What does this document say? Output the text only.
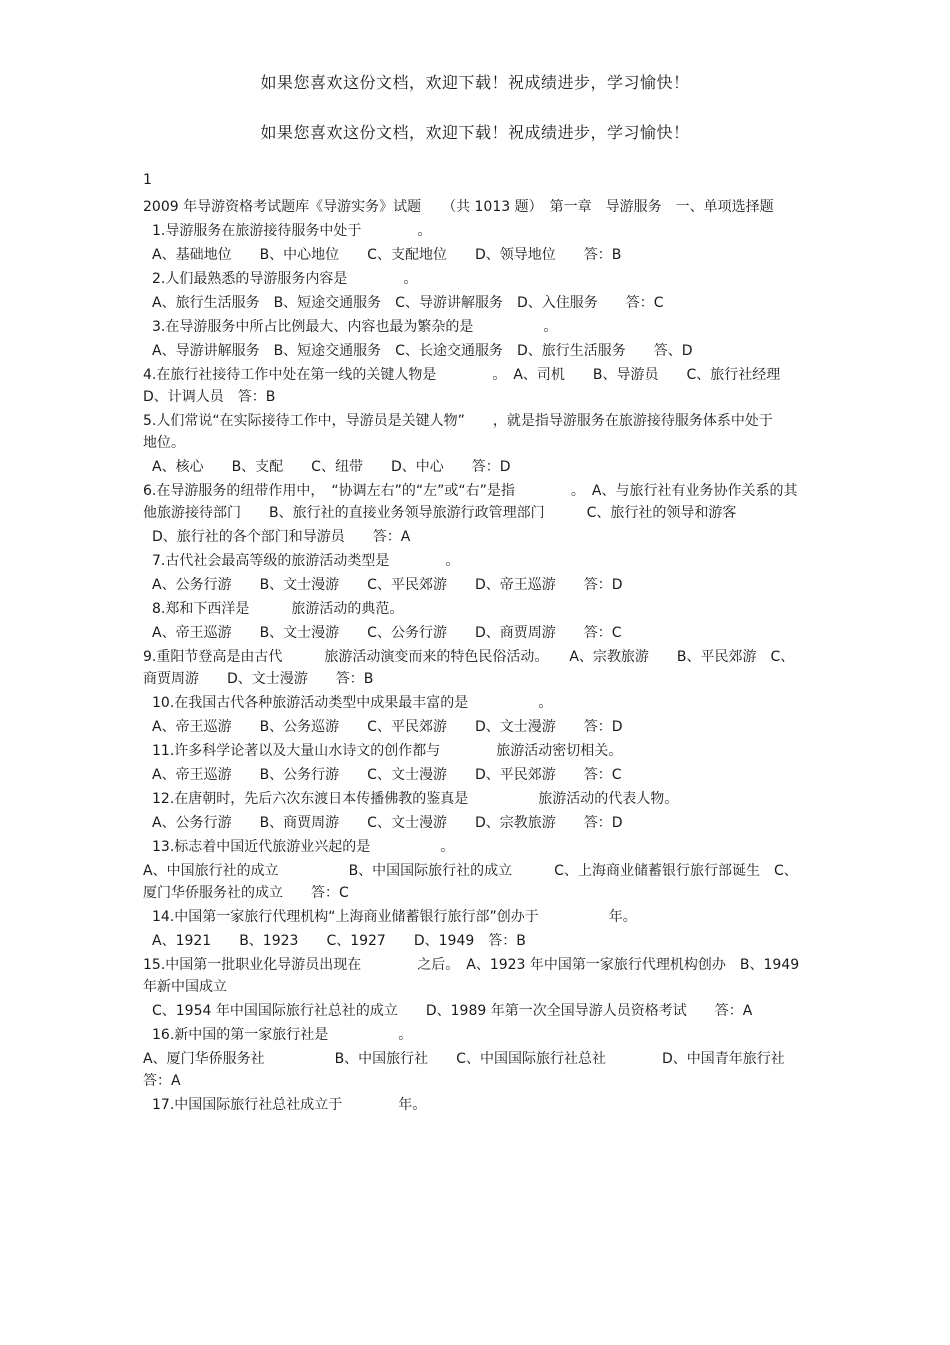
如果您喜欢这份文档，欢迎下载！祝成绩进步，学习愉快！
如果您喜欢这份文档，欢迎下载！祝成绩进步，学习愉快！
1

2009 年导游资格考试题库《导游实务》试题　　（共 1013 题）　第一章　导游服务　一、单项选择题

1.导游服务在旅游接待服务中处于　　　　。

A、基础地位　　B、中心地位　　C、支配地位　　D、领导地位　　答：B

2.人们最熟悉的导游服务内容是　　　　。

A、旅行生活服务　B、短途交通服务　C、导游讲解服务　D、入住服务　　答：C

3.在导游服务中所占比例最大、内容也最为繁杂的是　　　　　。

A、导游讲解服务　B、短途交通服务　C、长途交通服务　D、旅行生活服务　　答、D

4.在旅行社接待工作中处在第一线的关键人物是　　　　。　A、司机　　B、导游员　　C、旅行社经理　D、计调人员　答：B

5.人们常说“在实际接待工作中，导游员是关键人物”　　，就是指导游服务在旅游接待服务体系中处于　　地位。

A、核心　　B、支配　　C、纽带　　D、中心　　答：D

6.在导游服务的纽带作用中，　“协调左右”的“左”或“右”是指　　　　。　A、与旅行社有业务协作关系的其他旅游接待部门　　B、旅行社的直接业务领导旅游行政管理部门　　　C、旅行社的领导和游客

D、旅行社的各个部门和导游员　　答：A

7.古代社会最高等级的旅游活动类型是　　　　。

A、公务行游　　B、文士漫游　　C、平民郊游　　D、帝王巡游　　答：D

8.郑和下西洋是　　　旅游活动的典范。

A、帝王巡游　　B、文士漫游　　C、公务行游　　D、商贾周游　　答：C

9.重阳节登高是由古代　　　旅游活动演变而来的特色民俗活动。　　A、宗教旅游　　B、平民郊游　C、商贾周游　　D、文士漫游　　答：B

10.在我国古代各种旅游活动类型中成果最丰富的是　　　　　。

A、帝王巡游　　B、公务巡游　　C、平民郊游　　D、文士漫游　　答：D

11.许多科学论著以及大量山水诗文的创作都与　　　　旅游活动密切相关。

A、帝王巡游　　B、公务行游　　C、文士漫游　　D、平民郊游　　答：C

12.在唐朝时，先后六次东渡日本传播佛教的鉴真是　　　　　旅游活动的代表人物。

A、公务行游　　B、商贾周游　　C、文士漫游　　D、宗教旅游　　答：D

13.标志着中国近代旅游业兴起的是　　　　　。

A、中国旅行社的成立　　　　　B、中国国际旅行社的成立　　　C、上海商业储蓄银行旅行部诞生　C、厦门华侨服务社的成立　　答：C

14.中国第一家旅行代理机构“上海商业储蓄银行旅行部”创办于　　　　　年。

A、1921　　B、1923　　C、1927　　D、1949　答：B

15.中国第一批职业化导游员出现在　　　　之后。　A、1923 年中国第一家旅行代理机构创办　B、1949 年新中国成立

C、1954 年中国国际旅行社总社的成立　　D、1989 年第一次全国导游人员资格考试　　答：A

16.新中国的第一家旅行社是　　　　　。

A、厦门华侨服务社　　　　　B、中国旅行社　　C、中国国际旅行社总社　　　　D、中国青年旅行社　答：A

17.中国国际旅行社总社成立于　　　　年。
